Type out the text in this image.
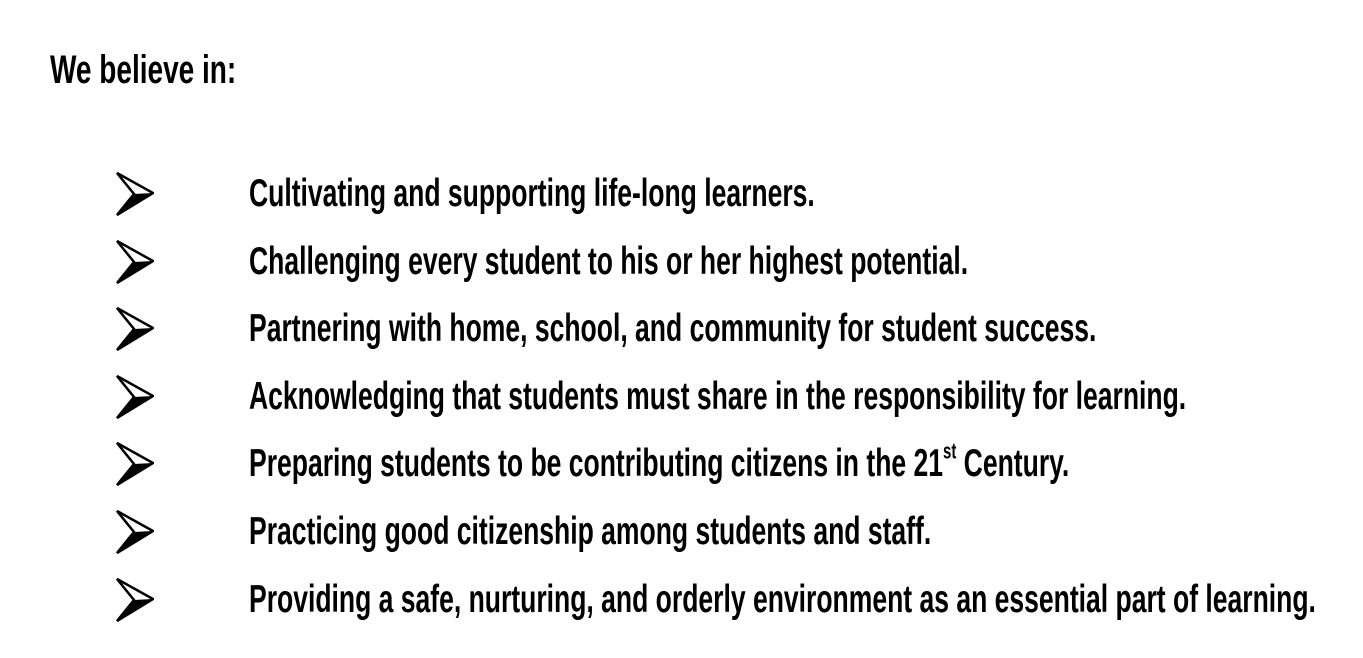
We believe in:
Cultivating and supporting life-long learners.
Challenging every student to his or her highest potential.
Partnering with home, school, and community for student success.
Acknowledging that students must share in the responsibility for learning.
Preparing students to be contributing citizens in the 21st Century.
Practicing good citizenship among students and staff.
Providing a safe, nurturing, and orderly environment as an essential part of learning.
